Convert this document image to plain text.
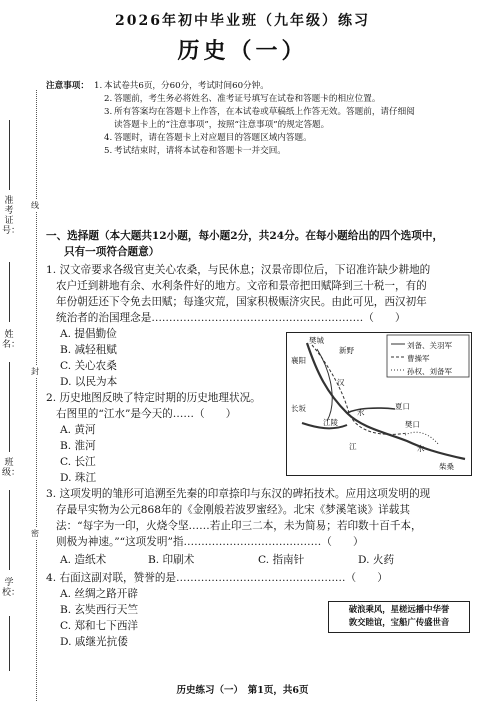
准考证号：
姓名：
班级：
学校：
线
封
密
2026年初中毕业班（九年级）练习
历史（一）
注意事项： 1. 本试卷共6页，分60分，考试时间60分钟。
2. 答题前，考生务必将姓名、准考证号填写在试卷和答题卡的相应位置。
3. 所有答案均在答题卡上作答，在本试卷或草稿纸上作答无效。答题前，请仔细阅
读答题卡上的“注意事项”，按照“注意事项”的规定答题。
4. 答题时，请在答题卡上对应题目的答题区域内答题。
5. 考试结束时，请将本试卷和答题卡一并交回。
一、选择题（本大题共12小题，每小题2分，共24分。在每小题给出的四个选项中，
只有一项符合题意）
1. 汉文帝要求各级官吏关心农桑，与民休息；汉景帝即位后，下诏准许缺少耕地的
农户迁到耕地有余、水利条件好的地方。文帝和景帝把田赋降到三十税一，有的
年份朝廷还下令免去田赋；每逢灾荒，国家积极赈济灾民。由此可见，西汉初年
统治者的治国理念是……………………………………………………（　　）
A. 提倡勤俭
B. 减轻租赋
C. 关心农桑
D. 以民为本
2. 历史地图反映了特定时期的历史地理状况。
右图里的“江水”是今天的……（　　）
A. 黄河
B. 淮河
C. 长江
D. 珠江
刘备、关羽军
曹操军
孙权、刘备军
樊城
新野
襄阳
汉
长坂
江陵
水
夏口
樊口
江	水
柴桑
3. 这项发明的雏形可追溯至先秦的印章捺印与东汉的碑拓技术。应用这项发明的现
存最早实物为公元868年的《金刚般若波罗蜜经》。北宋《梦溪笔谈》详载其
法：“每字为一印，火烧令坚……若止印三二本，未为简易；若印数十百千本，
则极为神速。”“这项发明”指…………………………………（　　）
A. 造纸术	B. 印刷术	C. 指南针	D. 火药
4. 右面这副对联，赞誉的是…………………………………………（　　）
A. 丝绸之路开辟
B. 玄奘西行天竺
C. 郑和七下西洋
D. 戚继光抗倭
破浪乘风，星槎远播中华誉
敦交睦谊，宝船广传盛世音
历史练习（一）　第1页，共6页
